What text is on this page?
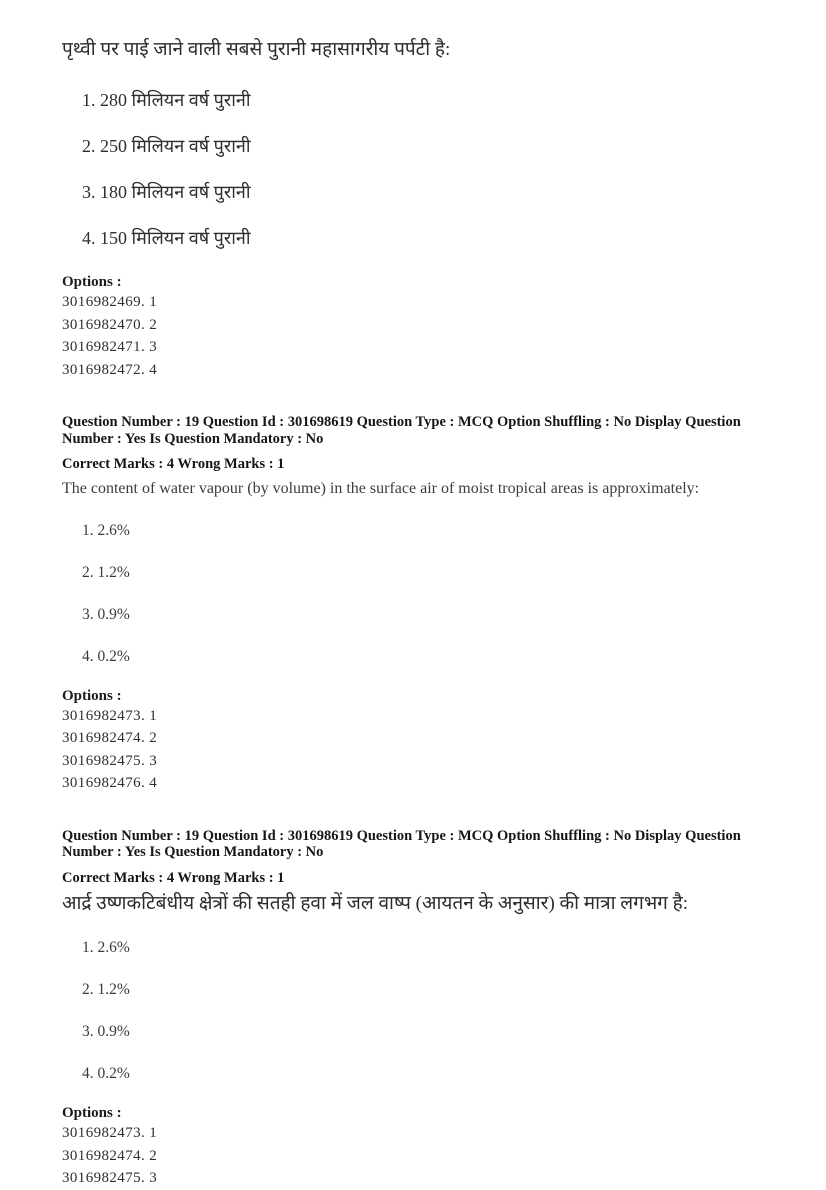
पृथ्वी पर पाई जाने वाली सबसे पुरानी महासागरीय पर्पटी है:

1. 280 मिलियन वर्ष पुरानी

2. 250 मिलियन वर्ष पुरानी

3. 180 मिलियन वर्ष पुरानी

4. 150 मिलियन वर्ष पुरानी

Options :

3016982469. 1

3016982470. 2

3016982471. 3

3016982472. 4

Question Number : 19 Question Id : 301698619 Question Type : MCQ Option Shuffling : No Display Question Number : Yes Is Question Mandatory : No

Correct Marks : 4 Wrong Marks : 1

The content of water vapour (by volume) in the surface air of moist tropical areas is approximately:

1. 2.6%

2. 1.2%

3. 0.9%

4. 0.2%

Options :

3016982473. 1

3016982474. 2

3016982475. 3

3016982476. 4

Question Number : 19 Question Id : 301698619 Question Type : MCQ Option Shuffling : No Display Question Number : Yes Is Question Mandatory : No

Correct Marks : 4 Wrong Marks : 1

आर्द्र उष्णकटिबंधीय क्षेत्रों की सतही हवा में जल वाष्प (आयतन के अनुसार) की मात्रा लगभग है:

1. 2.6%

2. 1.2%

3. 0.9%

4. 0.2%

Options :

3016982473. 1

3016982474. 2

3016982475. 3
